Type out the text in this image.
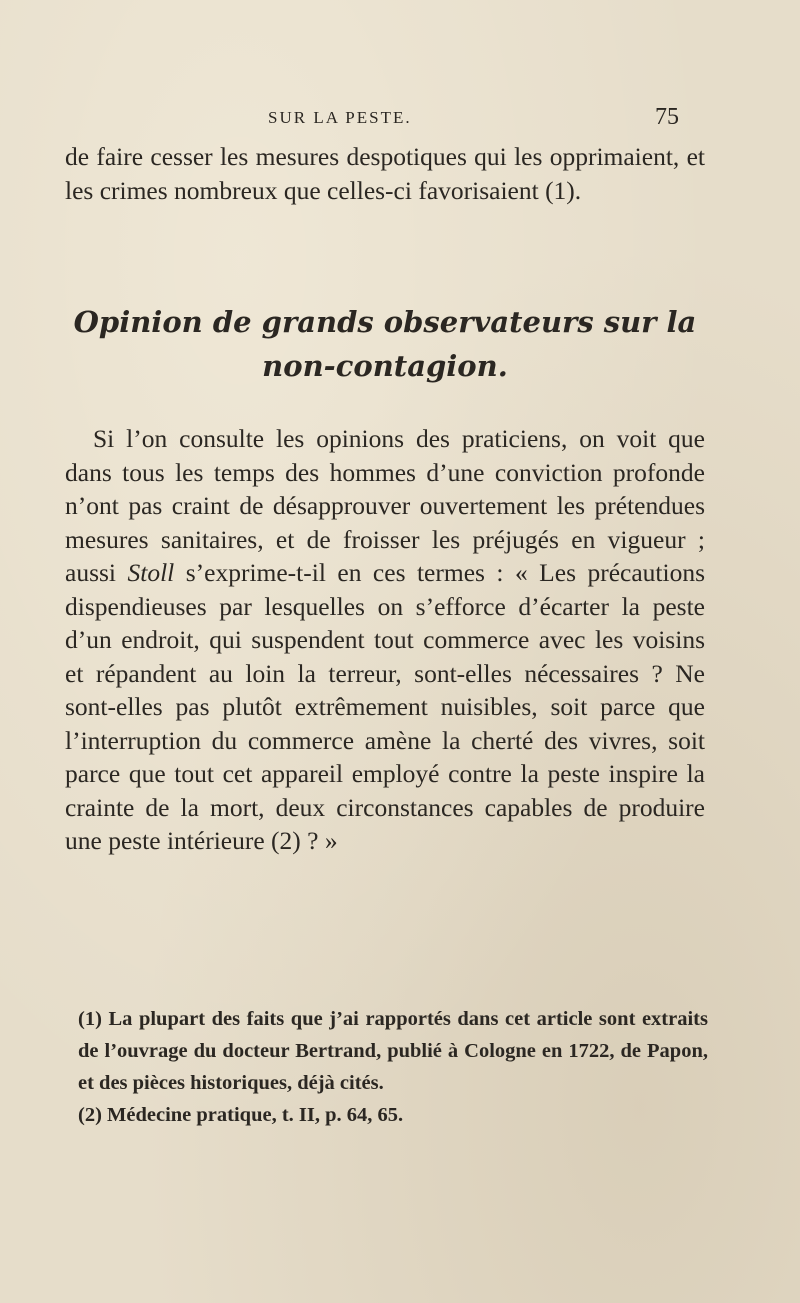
SUR LA PESTE.	75

de faire cesser les mesures despotiques qui les opprimaient, et les crimes nombreux que celles-ci favorisaient (1).

Opinion de grands observateurs sur la
non-contagion.

Si l’on consulte les opinions des praticiens, on voit que dans tous les temps des hommes d’une conviction profonde n’ont pas craint de désapprouver ouvertement les prétendues mesures sanitaires, et de froisser les préjugés en vigueur ; aussi Stoll s’exprime-t-il en ces termes : « Les précautions dispendieuses par lesquelles on s’efforce d’écarter la peste d’un endroit, qui suspendent tout commerce avec les voisins et répandent au loin la terreur, sont-elles nécessaires ? Ne sont-elles pas plutôt extrêmement nuisibles, soit parce que l’interruption du commerce amène la cherté des vivres, soit parce que tout cet appareil employé contre la peste inspire la crainte de la mort, deux circonstances capables de produire une peste intérieure (2) ? »

(1) La plupart des faits que j’ai rapportés dans cet article sont extraits de l’ouvrage du docteur Bertrand, publié à Cologne en 1722, de Papon, et des pièces historiques, déjà cités.

(2) Médecine pratique, t. II, p. 64, 65.
